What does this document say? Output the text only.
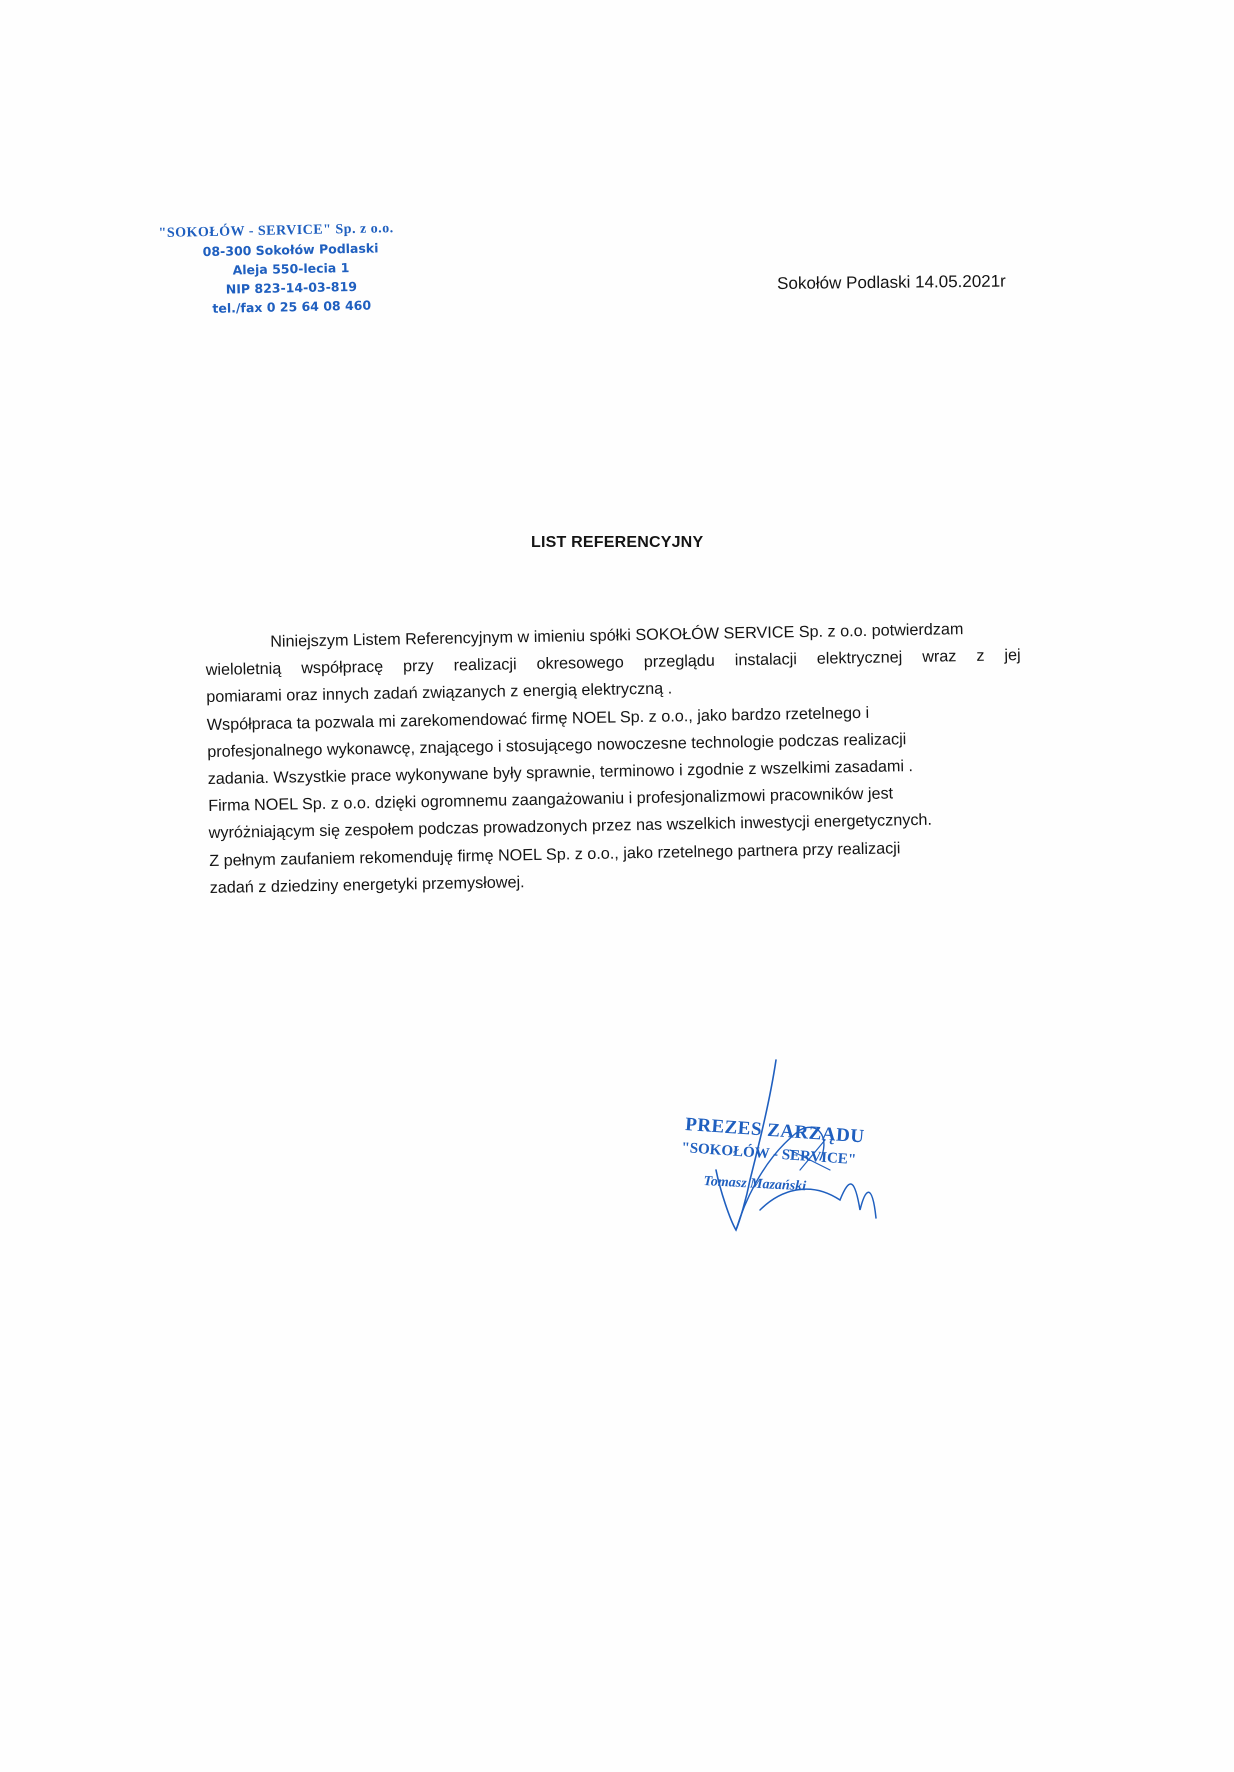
"SOKOŁÓW - SERVICE" Sp. z o.o.
08-300 Sokołów Podlaski
Aleja 550-lecia 1
NIP 823-14-03-819
tel./fax 0 25 64 08 460
Sokołów Podlaski 14.05.2021r
LIST REFERENCYJNY
Niniejszym Listem Referencyjnym w imieniu spółki SOKOŁÓW SERVICE Sp. z o.o. potwierdzam
wieloletnią współpracę przy realizacji okresowego przeglądu instalacji elektrycznej wraz z jej
pomiarami oraz innych zadań związanych z energią elektryczną .
Współpraca ta pozwala mi zarekomendować firmę NOEL Sp. z o.o., jako bardzo rzetelnego i
profesjonalnego wykonawcę, znającego i stosującego nowoczesne technologie podczas realizacji
zadania. Wszystkie prace wykonywane były sprawnie, terminowo i zgodnie z wszelkimi zasadami .
Firma NOEL Sp. z o.o. dzięki ogromnemu zaangażowaniu i profesjonalizmowi pracowników jest
wyróżniającym się zespołem podczas prowadzonych przez nas wszelkich inwestycji energetycznych.
Z pełnym zaufaniem rekomenduję firmę NOEL Sp. z o.o., jako rzetelnego partnera przy realizacji
zadań z dziedziny energetyki przemysłowej.
PREZES ZARZĄDU
"SOKOŁÓW - SERVICE"
Tomasz Mazański
